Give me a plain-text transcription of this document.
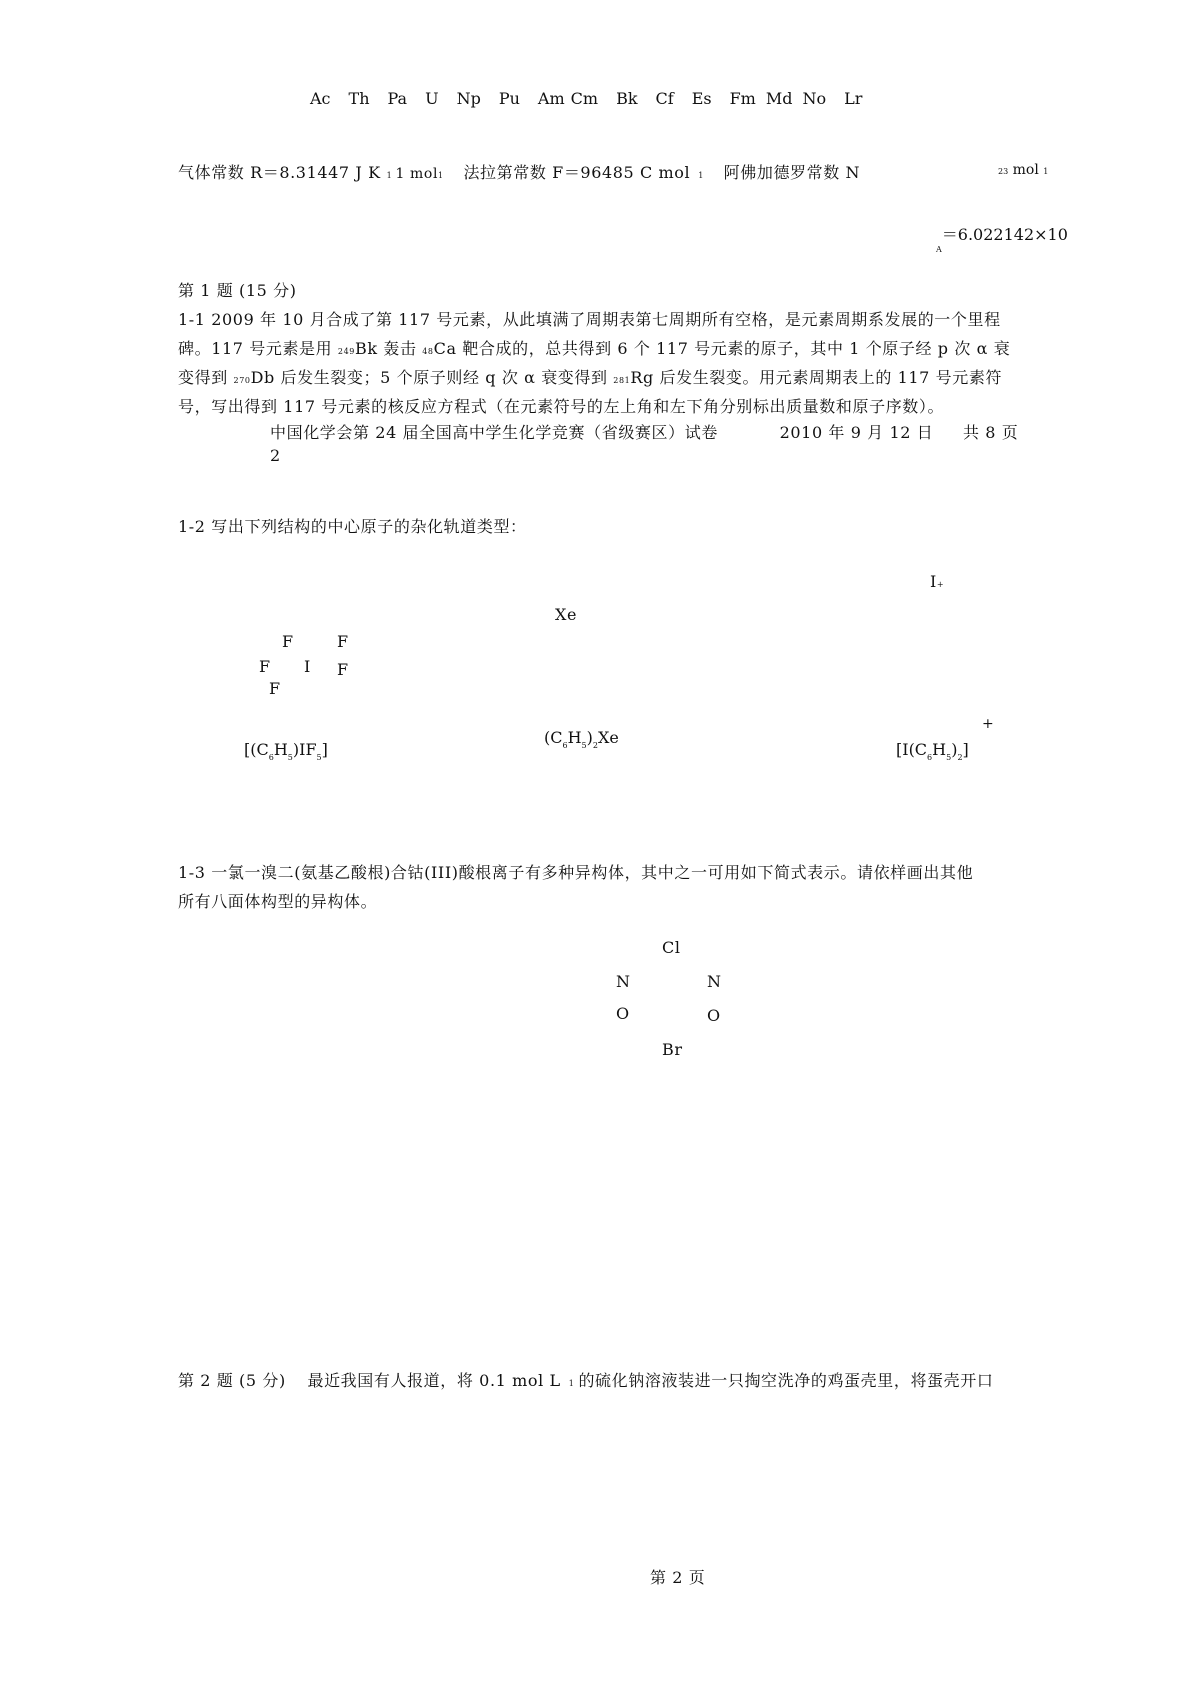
Ac Th Pa U Np Pu Am Cm Bk Cf Es Fm Md No Lr
气体常数 R＝8.31447 J K 1 1 mol1 法拉第常数 F＝96485 C mol 1 阿佛加德罗常数 N	23 mol 1
$_A$＝6.022142×10
第 1 题 (15 分)
1-1 2009 年 10 月合成了第 117 号元素，从此填满了周期表第七周期所有空格，是元素周期系发展的一个里程
碑。117 号元素是用 249Bk 轰击 48Ca 靶合成的，总共得到 6 个 117 号元素的原子，其中 1 个原子经 p 次 α 衰
变得到 270Db 后发生裂变；5 个原子则经 q 次 α 衰变得到 281Rg 后发生裂变。用元素周期表上的 117 号元素符
号，写出得到 117 号元素的核反应方程式（在元素符号的左上角和左下角分别标出质量数和原子序数）。
中国化学会第 24 届全国高中学生化学竞赛（省级赛区）试卷	2010 年 9 月 12 日 共 8 页
2
1-2 写出下列结构的中心原子的杂化轨道类型：
F	F
F I F
F
$[(C_6H_5)IF_5]$
Xe
$(C_6H_5)_2Xe$
I+
+
$[I(C_6H_5)_2]$
1-3 一氯一溴二(氨基乙酸根)合钴(III)酸根离子有多种异构体，其中之一可用如下简式表示。请依样画出其他
所有八面体构型的异构体。
Cl
N	N
O	O
Br
第 2 题 (5 分) 最近我国有人报道，将 0.1 mol L 1 的硫化钠溶液装进一只掏空洗净的鸡蛋壳里，将蛋壳开口
第 2 页
